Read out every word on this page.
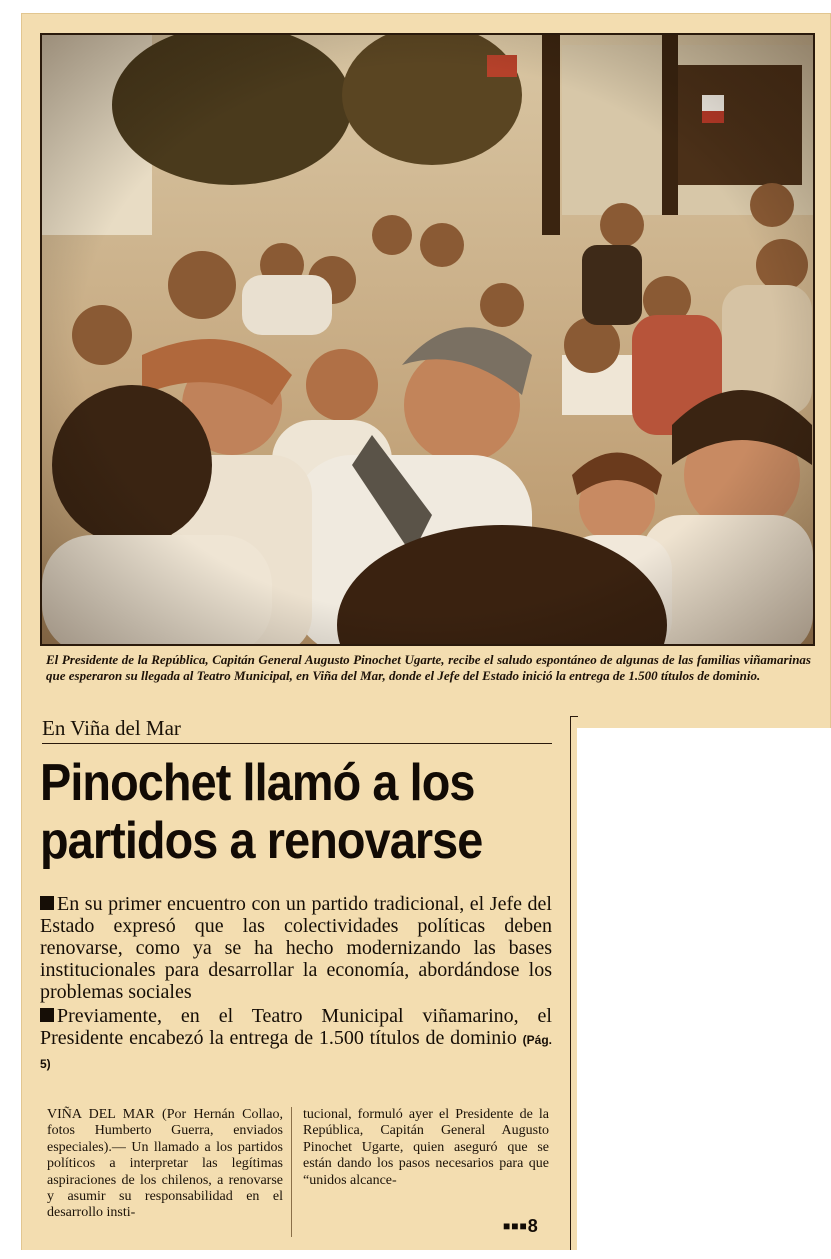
El Presidente de la República, Capitán General Augusto Pinochet Ugarte, recibe el saludo espontáneo de algunas de las familias viñamarinas que esperaron su llegada al Teatro Municipal, en Viña del Mar, donde el Jefe del Estado inició la entrega de 1.500 títulos de dominio.
En Viña del Mar
Pinochet llamó a los partidos a renovarse

En su primer encuentro con un partido tradicional, el Jefe del Estado expresó que las colectividades políticas deben renovarse, como ya se ha hecho modernizando las bases institucionales para desarrollar la economía, abordándose los problemas sociales

Previamente, en el Teatro Municipal viñamarino, el Presidente encabezó la entrega de 1.500 títulos de dominio (Pág. 5)

VIÑA DEL MAR (Por Hernán Collao, fotos Humberto Guerra, enviados especiales).— Un llamado a los partidos políticos a interpretar las legítimas aspiraciones de los chilenos, a renovarse y asumir su responsabilidad en el desarrollo insti-
tucional, formuló ayer el Presidente de la República, Capitán General Augusto Pinochet Ugarte, quien aseguró que se están dando los pasos necesarios para que “unidos alcance-
■■■8
